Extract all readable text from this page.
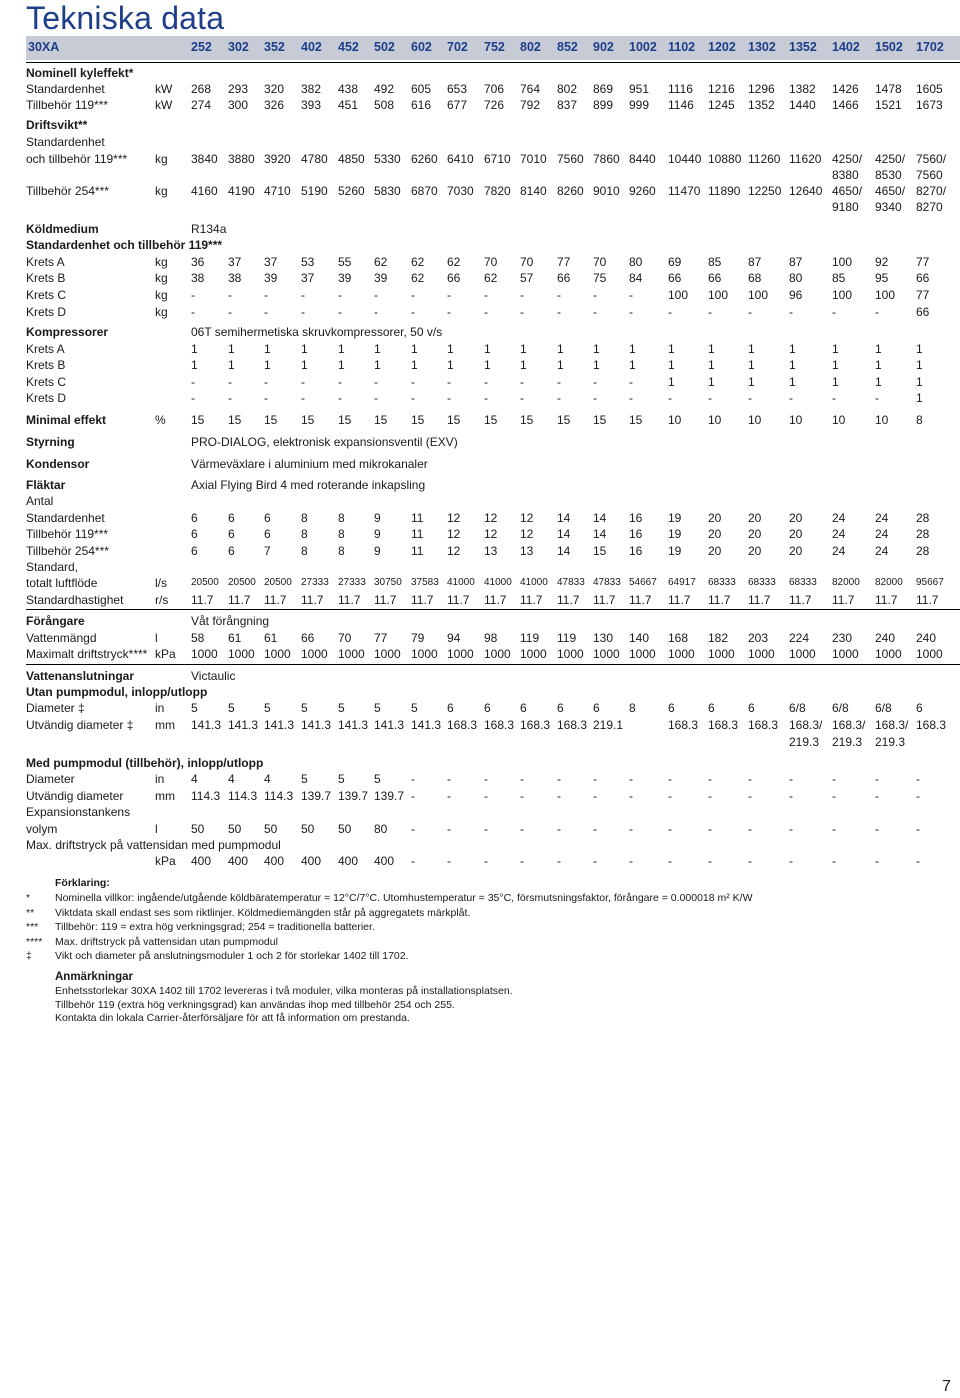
Tekniska data
30XA	252 302 352 402 452 502 602 702 752 802 852 902 1002 1102 1202 1302 1352 1402 1502 1702
Nominell kyleffekt*
Standardenhet	kW 268 293 320 382 438 492 605 653 706 764 802 869 951 1116 1216 1296 1382 1426 1478 1605
Tillbehör 119***	kW 274 300 326 393 451 508 616 677 726 792 837 899 999 1146 1245 1352 1440 1466 1521 1673
Driftsvikt**
Standardenhet
och tillbehör 119*** kg 3840 3880 3920 4780 4850 5330 6260 6410 6710 7010 7560 7860 8440 10440 10880 11260 11620 4250/ 4250/ 7560/
8380 8530 7560
Tillbehör 254***	kg 4160 4190 4710 5190 5260 5830 6870 7030 7820 8140 8260 9010 9260 11470 11890 12250 12640 4650/ 4650/ 8270/
9180 9340 8270
Köldmedium	R134a
Standardenhet och tillbehör 119***
Krets A	kg 36 37 37 53 55 62 62 62 70 70 77 70 80 69 85 87 87 100 92 77
Krets B	kg 38 38 39 37 39 39 62 66 62 57 66 75 84 66 66 68 80 85 95 66
Krets C	kg -	-	-	-	-	-	-	-	-	-	-	-	-	100 100 100 96 100 100 77
Krets D	kg -	-	-	-	-	-	-	-	-	-	-	-	-	-	-	-	-	-	-	66
Kompressorer	06T semihermetiska skruvkompressorer, 50 v/s
Krets A	1	1 1	1	1 1	1 1	1 1	1 1 1	1	1	1	1	1	1	1
Krets B	1	1 1	1	1 1	1 1	1 1	1 1 1	1	1	1	1	1	1	1
Krets C	-	-	-	-	-	-	-	-	-	-	-	-	-	1	1	1	1	1	1	1
Krets D	-	-	-	-	-	-	-	-	-	-	-	-	-	-	-	-	-	-	-	1
Minimal effekt	% 15 15 15 15 15 15 15 15 15 15 15 15 15 10 10 10 10 10 10 8
Styrning	PRO-DIALOG, elektronisk expansionsventil (EXV)
Kondensor	Värmeväxlare i aluminium med mikrokanaler
Fläktar	Axial Flying Bird 4 med roterande inkapsling
Antal
Standardenhet	6	6 6	8	8 9	11 12 12 12 14 14 16 19 20 20 20 24 24 28
Tillbehör 119***	6	6 6	8	8 9	11 12 12 12 14 14 16 19 20 20 20 24 24 28
Tillbehör 254***	6	6 7	8	8 9	11 12 13 13 14 15 16 19 20 20 20 24 24 28
Standard,
totalt luftflöde	l/s 20500 20500 20500 27333 27333 30750 37583 41000 41000 41000 47833 47833 54667 64917 68333 68333 68333 82000 82000 95667
Standardhastighet	r/s 11.7 11.7 11.7 11.7 11.7 11.7 11.7 11.7 11.7 11.7 11.7 11.7 11.7 11.7 11.7 11.7 11.7 11.7 11.7 11.7
Förångare	Våt förångning
Vattenmängd	l	58 61 61 66 70 77 79 94 98 119 119 130 140 168 182 203 224 230 240 240
Maximalt driftstryck**** kPa 1000 1000 1000 1000 1000 1000 1000 1000 1000 1000 1000 1000 1000 1000 1000 1000 1000 1000 1000 1000
Vattenanslutningar	Victaulic
Utan pumpmodul, inlopp/utlopp
Diameter ‡	in 5	5 5	5	5 5	5 6	6 6	6 6 8	6	6	6	6/8 6/8 6/8 6
Utvändig diameter ‡ mm 141.3 141.3 141.3 141.3 141.3 141.3 141.3 168.3 168.3 168.3 168.3 219.1	168.3 168.3 168.3 168.3/ 168.3/ 168.3/ 168.3
219.3 219.3 219.3
Med pumpmodul (tillbehör), inlopp/utlopp
Diameter	in 4	4 4	5	5 5	-	-	-	-	-	-	-	-	-	-	-	-	-	-
Utvändig diameter	mm 114.3 114.3 114.3 139.7 139.7 139.7 -	-	-	-	-	-	-	-	-	-	-	-	-	-
Expansionstankens
volym	l	50 50 50 50 50 80 -	-	-	-	-	-	-	-	-	-	-	-	-	-
Max. driftstryck på vattensidan med pumpmodul
kPa 400 400 400 400 400 400 -	-	-	-	-	-	-	-	-	-	-	-	-	-
Förklaring:
* Nominella villkor: ingående/utgående köldbäratemperatur = 12°C/7°C. Utomhustemperatur = 35°C, försmutsningsfaktor, förångare = 0.000018 m² K/W
** Viktdata skall endast ses som riktlinjer. Köldmediemängden står på aggregatets märkplåt.
*** Tillbehör: 119 = extra hög verkningsgrad; 254 = traditionella batterier.
**** Max. driftstryck på vattensidan utan pumpmodul
‡ Vikt och diameter på anslutningsmoduler 1 och 2 för storlekar 1402 till 1702.
Anmärkningar
Enhetsstorlekar 30XA 1402 till 1702 levereras i två moduler, vilka monteras på installationsplatsen.
Tillbehör 119 (extra hög verkningsgrad) kan användas ihop med tillbehör 254 och 255.
Kontakta din lokala Carrier-återförsäljare för att få information om prestanda.
7
